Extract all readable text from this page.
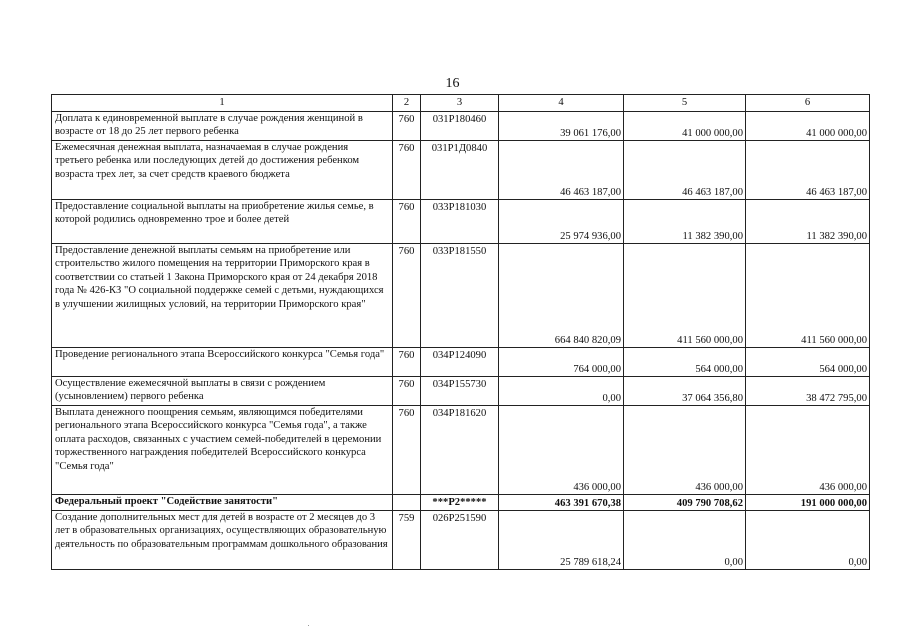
16
1	2	3	4	5	6
Доплата к единовременной выплате в случае рождения женщиной в возрасте от 18 до 25 лет первого ребенка	760	031P180460	39 061 176,00	41 000 000,00	41 000 000,00
Ежемесячная денежная выплата, назначаемая в случае рождения третьего ребенка или последующих детей до достижения ребенком возраста трех лет, за счет средств краевого бюджета	760	031P1Д0840	46 463 187,00	46 463 187,00	46 463 187,00
Предоставление социальной выплаты на приобретение жилья семье, в которой родились одновременно трое и более детей	760	033P181030	25 974 936,00	11 382 390,00	11 382 390,00
Предоставление денежной выплаты семьям на приобретение или строительство жилого помещения на территории Приморского края в соответствии со статьей 1 Закона Приморского края от 24 декабря 2018 года № 426-КЗ "О социальной поддержке семей с детьми, нуждающихся в улучшении жилищных условий, на территории Приморского края"	760	033P181550	664 840 820,09	411 560 000,00	411 560 000,00
Проведение регионального этапа Всероссийского конкурса "Семья года"	760	034P124090	764 000,00	564 000,00	564 000,00
Осуществление ежемесячной выплаты в связи с рождением (усыновлением) первого ребенка	760	034P155730	0,00	37 064 356,80	38 472 795,00
Выплата денежного поощрения семьям, являющимся победителями регионального этапа Всероссийского конкурса "Семья года", а также оплата расходов, связанных с участием семей-победителей в церемонии торжественного награждения победителей Всероссийского конкурса "Семья года"	760	034P181620	436 000,00	436 000,00	436 000,00
Федеральный проект "Содействие занятости"		***P2*****	463 391 670,38	409 790 708,62	191 000 000,00
Создание дополнительных мест для детей в возрасте от 2 месяцев до 3 лет в образовательных организациях, осуществляющих образовательную деятельность по образовательным программам дошкольного образования	759	026P251590	25 789 618,24	0,00	0,00
